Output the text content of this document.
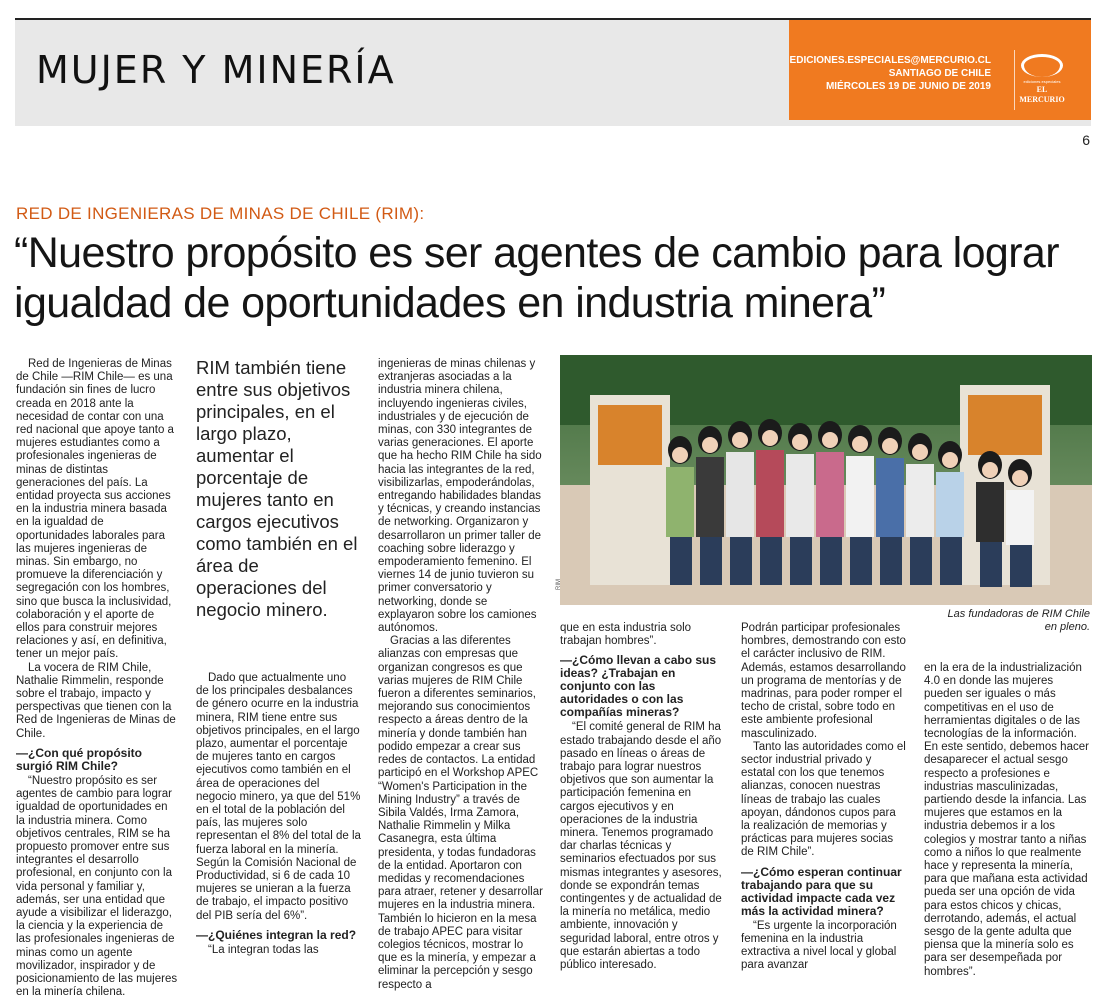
MUJER Y MINERÍA	EDICIONES.ESPECIALES@MERCURIO.CL
SANTIAGO DE CHILE
MIÉRCOLES 19 DE JUNIO DE 2019	ediciones especiales
EL MERCURIO
6
RED DE INGENIERAS DE MINAS DE CHILE (RIM):
“Nuestro propósito es ser agentes de cambio para lograr igualdad de oportunidades en industria minera”

Red de Ingenieras de Minas de Chile —RIM Chile— es una fundación sin fines de lucro creada en 2018 ante la necesidad de contar con una red nacional que apoye tanto a mujeres estudiantes como a profesionales ingenieras de minas de distintas generaciones del país. La entidad proyecta sus acciones en la industria minera basada en la igualdad de oportunidades laborales para las mujeres ingenieras de minas. Sin embargo, no promueve la diferenciación y segregación con los hombres, sino que busca la inclusividad, colaboración y el aporte de ellos para construir mejores relaciones y así, en definitiva, tener un mejor país.

La vocera de RIM Chile, Nathalie Rimmelin, responde sobre el trabajo, impacto y perspectivas que tienen con la Red de Ingenieras de Minas de Chile.

—¿Con qué propósito surgió RIM Chile?

“Nuestro propósito es ser agentes de cambio para lograr igualdad de oportunidades en la industria minera. Como objetivos centrales, RIM se ha propuesto promover entre sus integrantes el desarrollo profesional, en conjunto con la vida personal y familiar y, además, ser una entidad que ayude a visibilizar el liderazgo, la ciencia y la experiencia de las profesionales ingenieras de minas como un agente movilizador, inspirador y de posicionamiento de las mujeres en la minería chilena.

RIM también tiene entre sus objetivos principales, en el largo plazo, aumentar el porcentaje de mujeres tanto en cargos ejecutivos como también en el área de operaciones del negocio minero.

Dado que actualmente uno de los principales desbalances de género ocurre en la industria minera, RIM tiene entre sus objetivos principales, en el largo plazo, aumentar el porcentaje de mujeres tanto en cargos ejecutivos como también en el área de operaciones del negocio minero, ya que del 51% en el total de la población del país, las mujeres solo representan el 8% del total de la fuerza laboral en la minería. Según la Comisión Nacional de Productividad, si 6 de cada 10 mujeres se unieran a la fuerza de trabajo, el impacto positivo del PIB sería del 6%”.

—¿Quiénes integran la red?

“La integran todas las

ingenieras de minas chilenas y extranjeras asociadas a la industria minera chilena, incluyendo ingenieras civiles, industriales y de ejecución de minas, con 330 integrantes de varias generaciones. El aporte que ha hecho RIM Chile ha sido hacia las integrantes de la red, visibilizarlas, empoderándolas, entregando habilidades blandas y técnicas, y creando instancias de networking. Organizaron y desarrollaron un primer taller de coaching sobre liderazgo y empoderamiento femenino. El viernes 14 de junio tuvieron su primer conversatorio y networking, donde se explayaron sobre los camiones autónomos.

Gracias a las diferentes alianzas con empresas que organizan congresos es que varias mujeres de RIM Chile fueron a diferentes seminarios, mejorando sus conocimientos respecto a áreas dentro de la minería y donde también han podido empezar a crear sus redes de contactos. La entidad participó en el Workshop APEC “Women's Participation in the Mining Industry” a través de Sibila Valdés, Irma Zamora, Nathalie Rimmelin y Milka Casanegra, esta última presidenta, y todas fundadoras de la entidad. Aportaron con medidas y recomendaciones para atraer, retener y desarrollar mujeres en la industria minera. También lo hicieron en la mesa de trabajo APEC para visitar colegios técnicos, mostrar lo que es la minería, y empezar a eliminar la percepción y sesgo respecto a

RIM
Las fundadoras de RIM Chile en pleno.

que en esta industria solo trabajan hombres”.

—¿Cómo llevan a cabo sus ideas? ¿Trabajan en conjunto con las autoridades o con las compañías mineras?

“El comité general de RIM ha estado trabajando desde el año pasado en líneas o áreas de trabajo para lograr nuestros objetivos que son aumentar la participación femenina en cargos ejecutivos y en operaciones de la industria minera. Tenemos programado dar charlas técnicas y seminarios efectuados por sus mismas integrantes y asesores, donde se expondrán temas contingentes y de actualidad de la minería no metálica, medio ambiente, innovación y seguridad laboral, entre otros y que estarán abiertas a todo público interesado.

Podrán participar profesionales hombres, demostrando con esto el carácter inclusivo de RIM. Además, estamos desarrollando un programa de mentorías y de madrinas, para poder romper el techo de cristal, sobre todo en este ambiente profesional masculinizado.

Tanto las autoridades como el sector industrial privado y estatal con los que tenemos alianzas, conocen nuestras líneas de trabajo las cuales apoyan, dándonos cupos para la realización de memorias y prácticas para mujeres socias de RIM Chile”.

—¿Cómo esperan continuar trabajando para que su actividad impacte cada vez más la actividad minera?

“Es urgente la incorporación femenina en la industria extractiva a nivel local y global para avanzar

en la era de la industrialización 4.0 en donde las mujeres pueden ser iguales o más competitivas en el uso de herramientas digitales o de las tecnologías de la información. En este sentido, debemos hacer desaparecer el actual sesgo respecto a profesiones e industrias masculinizadas, partiendo desde la infancia. Las mujeres que estamos en la industria debemos ir a los colegios y mostrar tanto a niñas como a niños lo que realmente hace y representa la minería, para que mañana esta actividad pueda ser una opción de vida para estos chicos y chicas, derrotando, además, el actual sesgo de la gente adulta que piensa que la minería solo es para ser desempeñada por hombres”.
